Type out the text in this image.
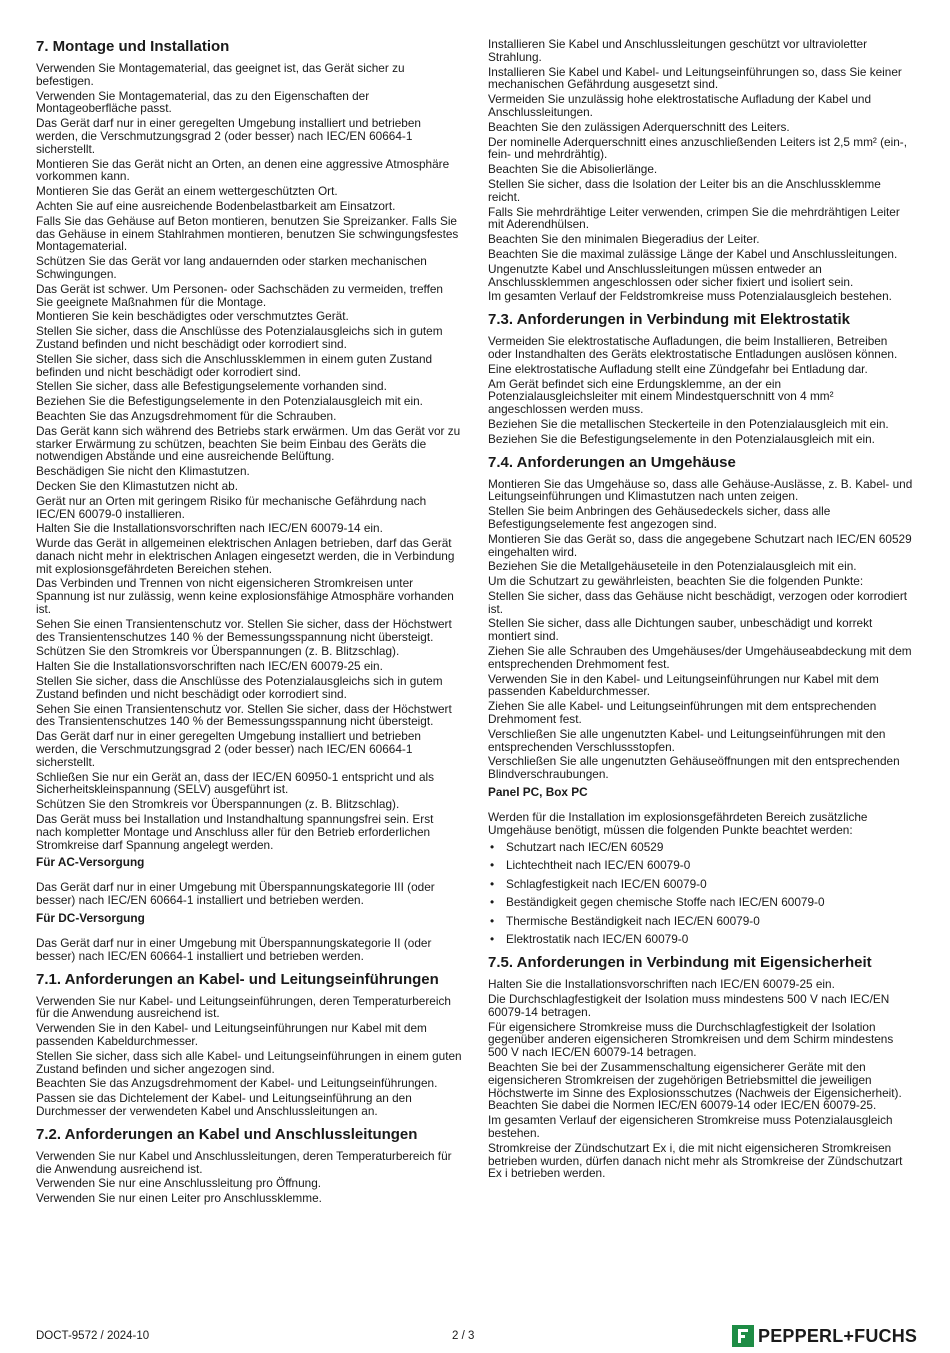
7. Montage und Installation

Verwenden Sie Montagematerial, das geeignet ist, das Gerät sicher zu befestigen.

Verwenden Sie Montagematerial, das zu den Eigenschaften der Montageoberfläche passt.

Das Gerät darf nur in einer geregelten Umgebung installiert und betrieben werden, die Verschmutzungsgrad 2 (oder besser) nach IEC/EN 60664-1 sicherstellt.

Montieren Sie das Gerät nicht an Orten, an denen eine aggressive Atmosphäre vorkommen kann.

Montieren Sie das Gerät an einem wettergeschützten Ort.

Achten Sie auf eine ausreichende Bodenbelastbarkeit am Einsatzort.

Falls Sie das Gehäuse auf Beton montieren, benutzen Sie Spreizanker. Falls Sie das Gehäuse in einem Stahlrahmen montieren, benutzen Sie schwingungsfestes Montagematerial.

Schützen Sie das Gerät vor lang andauernden oder starken mechanischen Schwingungen.

Das Gerät ist schwer. Um Personen- oder Sachschäden zu vermeiden, treffen Sie geeignete Maßnahmen für die Montage.

Montieren Sie kein beschädigtes oder verschmutztes Gerät.

Stellen Sie sicher, dass die Anschlüsse des Potenzialausgleichs sich in gutem Zustand befinden und nicht beschädigt oder korrodiert sind.

Stellen Sie sicher, dass sich die Anschlussklemmen in einem guten Zustand befinden und nicht beschädigt oder korrodiert sind.

Stellen Sie sicher, dass alle Befestigungselemente vorhanden sind.

Beziehen Sie die Befestigungselemente in den Potenzialausgleich mit ein.

Beachten Sie das Anzugsdrehmoment für die Schrauben.

Das Gerät kann sich während des Betriebs stark erwärmen. Um das Gerät vor zu starker Erwärmung zu schützen, beachten Sie beim Einbau des Geräts die notwendigen Abstände und eine ausreichende Belüftung.

Beschädigen Sie nicht den Klimastutzen.

Decken Sie den Klimastutzen nicht ab.

Gerät nur an Orten mit geringem Risiko für mechanische Gefährdung nach IEC/EN 60079-0 installieren.

Halten Sie die Installationsvorschriften nach IEC/EN 60079-14 ein.

Wurde das Gerät in allgemeinen elektrischen Anlagen betrieben, darf das Gerät danach nicht mehr in elektrischen Anlagen eingesetzt werden, die in Verbindung mit explosionsgefährdeten Bereichen stehen.

Das Verbinden und Trennen von nicht eigensicheren Stromkreisen unter Spannung ist nur zulässig, wenn keine explosionsfähige Atmosphäre vorhanden ist.

Sehen Sie einen Transientenschutz vor. Stellen Sie sicher, dass der Höchstwert des Transientenschutzes 140 % der Bemessungsspannung nicht übersteigt.

Schützen Sie den Stromkreis vor Überspannungen (z. B. Blitzschlag).

Halten Sie die Installationsvorschriften nach IEC/EN 60079-25 ein.

Stellen Sie sicher, dass die Anschlüsse des Potenzialausgleichs sich in gutem Zustand befinden und nicht beschädigt oder korrodiert sind.

Sehen Sie einen Transientenschutz vor. Stellen Sie sicher, dass der Höchstwert des Transientenschutzes 140 % der Bemessungsspannung nicht übersteigt.

Das Gerät darf nur in einer geregelten Umgebung installiert und betrieben werden, die Verschmutzungsgrad 2 (oder besser) nach IEC/EN 60664-1 sicherstellt.

Schließen Sie nur ein Gerät an, dass der IEC/EN 60950-1 entspricht und als Sicherheitskleinspannung (SELV) ausgeführt ist.

Schützen Sie den Stromkreis vor Überspannungen (z. B. Blitzschlag).

Das Gerät muss bei Installation und Instandhaltung spannungsfrei sein. Erst nach kompletter Montage und Anschluss aller für den Betrieb erforderlichen Stromkreise darf Spannung angelegt werden.

Für AC-Versorgung

Das Gerät darf nur in einer Umgebung mit Überspannungskategorie III (oder besser) nach IEC/EN 60664-1 installiert und betrieben werden.

Für DC-Versorgung

Das Gerät darf nur in einer Umgebung mit Überspannungskategorie II (oder besser) nach IEC/EN 60664-1 installiert und betrieben werden.

7.1. Anforderungen an Kabel- und Leitungseinführungen

Verwenden Sie nur Kabel- und Leitungseinführungen, deren Temperaturbereich für die Anwendung ausreichend ist.

Verwenden Sie in den Kabel- und Leitungseinführungen nur Kabel mit dem passenden Kabeldurchmesser.

Stellen Sie sicher, dass sich alle Kabel- und Leitungseinführungen in einem guten Zustand befinden und sicher angezogen sind.

Beachten Sie das Anzugsdrehmoment der Kabel- und Leitungseinführungen.

Passen sie das Dichtelement der Kabel- und Leitungseinführung an den Durchmesser der verwendeten Kabel und Anschlussleitungen an.

7.2. Anforderungen an Kabel und Anschlussleitungen

Verwenden Sie nur Kabel und Anschlussleitungen, deren Temperaturbereich für die Anwendung ausreichend ist.

Verwenden Sie nur eine Anschlussleitung pro Öffnung.

Verwenden Sie nur einen Leiter pro Anschlussklemme.

Installieren Sie Kabel und Anschlussleitungen geschützt vor ultravioletter Strahlung.

Installieren Sie Kabel und Kabel- und Leitungseinführungen so, dass Sie keiner mechanischen Gefährdung ausgesetzt sind.

Vermeiden Sie unzulässig hohe elektrostatische Aufladung der Kabel und Anschlussleitungen.

Beachten Sie den zulässigen Aderquerschnitt des Leiters.

Der nominelle Aderquerschnitt eines anzuschließenden Leiters ist 2,5 mm² (ein-, fein- und mehrdrähtig).

Beachten Sie die Abisolierlänge.

Stellen Sie sicher, dass die Isolation der Leiter bis an die Anschlussklemme reicht.

Falls Sie mehrdrähtige Leiter verwenden, crimpen Sie die mehrdrähtigen Leiter mit Aderendhülsen.

Beachten Sie den minimalen Biegeradius der Leiter.

Beachten Sie die maximal zulässige Länge der Kabel und Anschlussleitungen.

Ungenutzte Kabel und Anschlussleitungen müssen entweder an Anschlussklemmen angeschlossen oder sicher fixiert und isoliert sein.

Im gesamten Verlauf der Feldstromkreise muss Potenzialausgleich bestehen.

7.3. Anforderungen in Verbindung mit Elektrostatik

Vermeiden Sie elektrostatische Aufladungen, die beim Installieren, Betreiben oder Instandhalten des Geräts elektrostatische Entladungen auslösen können.

Eine elektrostatische Aufladung stellt eine Zündgefahr bei Entladung dar.

Am Gerät befindet sich eine Erdungsklemme, an der ein Potenzialausgleichsleiter mit einem Mindestquerschnitt von 4 mm² angeschlossen werden muss.

Beziehen Sie die metallischen Steckerteile in den Potenzialausgleich mit ein.

Beziehen Sie die Befestigungselemente in den Potenzialausgleich mit ein.

7.4. Anforderungen an Umgehäuse

Montieren Sie das Umgehäuse so, dass alle Gehäuse-Auslässe, z. B. Kabel- und Leitungseinführungen und Klimastutzen nach unten zeigen.

Stellen Sie beim Anbringen des Gehäusedeckels sicher, dass alle Befestigungselemente fest angezogen sind.

Montieren Sie das Gerät so, dass die angegebene Schutzart nach IEC/EN 60529 eingehalten wird.

Beziehen Sie die Metallgehäuseteile in den Potenzialausgleich mit ein.

Um die Schutzart zu gewährleisten, beachten Sie die folgenden Punkte:

Stellen Sie sicher, dass das Gehäuse nicht beschädigt, verzogen oder korrodiert ist.

Stellen Sie sicher, dass alle Dichtungen sauber, unbeschädigt und korrekt montiert sind.

Ziehen Sie alle Schrauben des Umgehäuses/der Umgehäuseabdeckung mit dem entsprechenden Drehmoment fest.

Verwenden Sie in den Kabel- und Leitungseinführungen nur Kabel mit dem passenden Kabeldurchmesser.

Ziehen Sie alle Kabel- und Leitungseinführungen mit dem entsprechenden Drehmoment fest.

Verschließen Sie alle ungenutzten Kabel- und Leitungseinführungen mit den entsprechenden Verschlussstopfen.

Verschließen Sie alle ungenutzten Gehäuseöffnungen mit den entsprechenden Blindverschraubungen.

Panel PC, Box PC

Werden für die Installation im explosionsgefährdeten Bereich zusätzliche Umgehäuse benötigt, müssen die folgenden Punkte beachtet werden:

• Schutzart nach IEC/EN 60529
• Lichtechtheit nach IEC/EN 60079-0
• Schlagfestigkeit nach IEC/EN 60079-0
• Beständigkeit gegen chemische Stoffe nach IEC/EN 60079-0
• Thermische Beständigkeit nach IEC/EN 60079-0
• Elektrostatik nach IEC/EN 60079-0
7.5. Anforderungen in Verbindung mit Eigensicherheit

Halten Sie die Installationsvorschriften nach IEC/EN 60079-25 ein.

Die Durchschlagfestigkeit der Isolation muss mindestens 500 V nach IEC/EN 60079-14 betragen.

Für eigensichere Stromkreise muss die Durchschlagfestigkeit der Isolation gegenüber anderen eigensicheren Stromkreisen und dem Schirm mindestens 500 V nach IEC/EN 60079-14 betragen.

Beachten Sie bei der Zusammenschaltung eigensicherer Geräte mit den eigensicheren Stromkreisen der zugehörigen Betriebsmittel die jeweiligen Höchstwerte im Sinne des Explosionsschutzes (Nachweis der Eigensicherheit). Beachten Sie dabei die Normen IEC/EN 60079-14 oder IEC/EN 60079-25.

Im gesamten Verlauf der eigensicheren Stromkreise muss Potenzialausgleich bestehen.

Stromkreise der Zündschutzart Ex i, die mit nicht eigensicheren Stromkreisen betrieben wurden, dürfen danach nicht mehr als Stromkreise der Zündschutzart Ex i betrieben werden.

DOCT-9572 / 2024-10	2 / 3	PEPPERL+FUCHS
